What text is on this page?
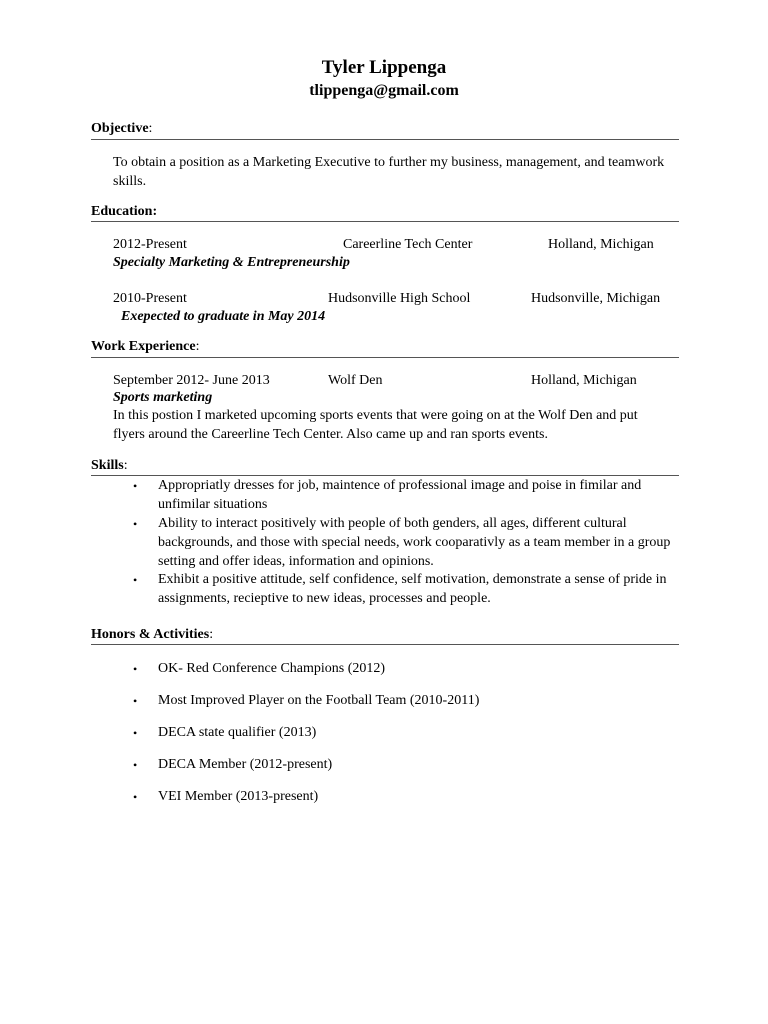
Tyler Lippenga
tlippenga@gmail.com
Objective:
To obtain a position as a Marketing Executive to further my business, management, and teamwork skills.
Education:
2012-Present	Careerline Tech Center	Holland, Michigan
Specialty Marketing & Entrepreneurship
2010-Present	Hudsonville High School	Hudsonville, Michigan
Exepected to graduate in May 2014
Work Experience:
September 2012- June 2013	Wolf Den	Holland, Michigan
Sports marketing
In this postion I marketed upcoming sports events that were going on at the Wolf Den and put flyers around the Careerline Tech Center. Also came up and ran sports events.
Skills:
• Appropriatly dresses for job, maintence of professional image and poise in fimilar and unfimilar situations
• Ability to interact positively with people of both genders, all ages, different cultural backgrounds, and those with special needs, work cooparativly as a team member in a group setting and offer ideas, information and opinions.
• Exhibit a positive attitude, self confidence, self motivation, demonstrate a sense of pride in assignments, recieptive to new ideas, processes and people.
Honors & Activities:
• OK- Red Conference Champions (2012)
• Most Improved Player on the Football Team (2010-2011)
• DECA state qualifier (2013)
• DECA Member (2012-present)
• VEI Member (2013-present)
